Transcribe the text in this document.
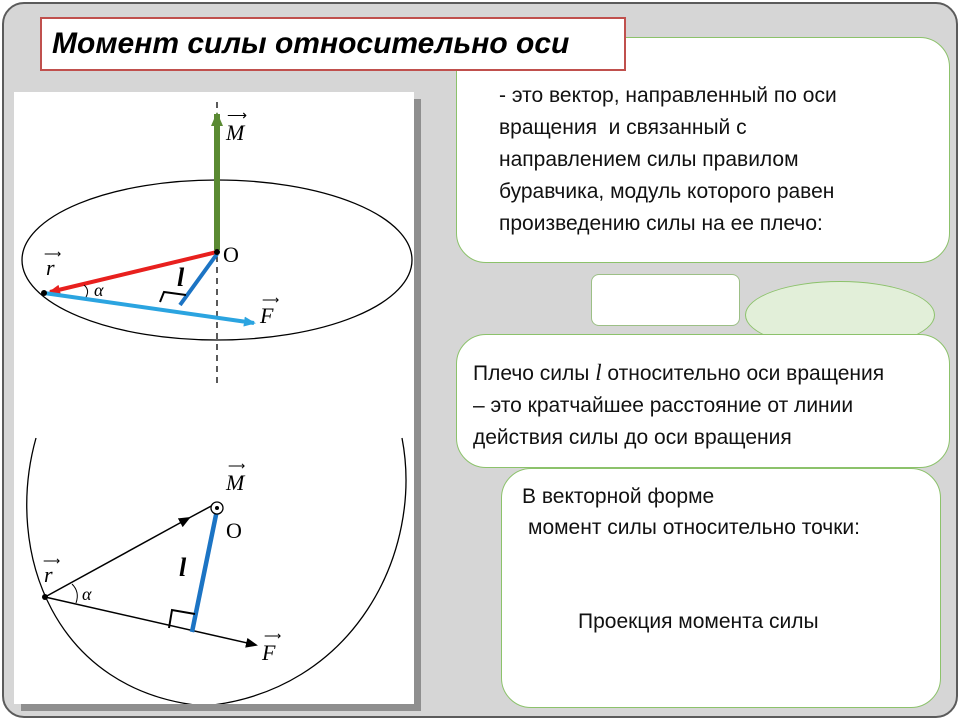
Момент силы относительно оси
M
⟶
O
r
⟶
F
⟶
l
α
M
⟶
O
r
⟶
F
⟶
l
α
- это вектор, направленный по оси
вращения  и связанный с
направлением силы правилом
буравчика, модуль которого равен
произведению силы на ее плечо:
Плечо силы l относительно оси вращения
– это кратчайшее расстояние от линии
действия силы до оси вращения
В векторной форме
момент силы относительно точки:
Проекция момента силы
